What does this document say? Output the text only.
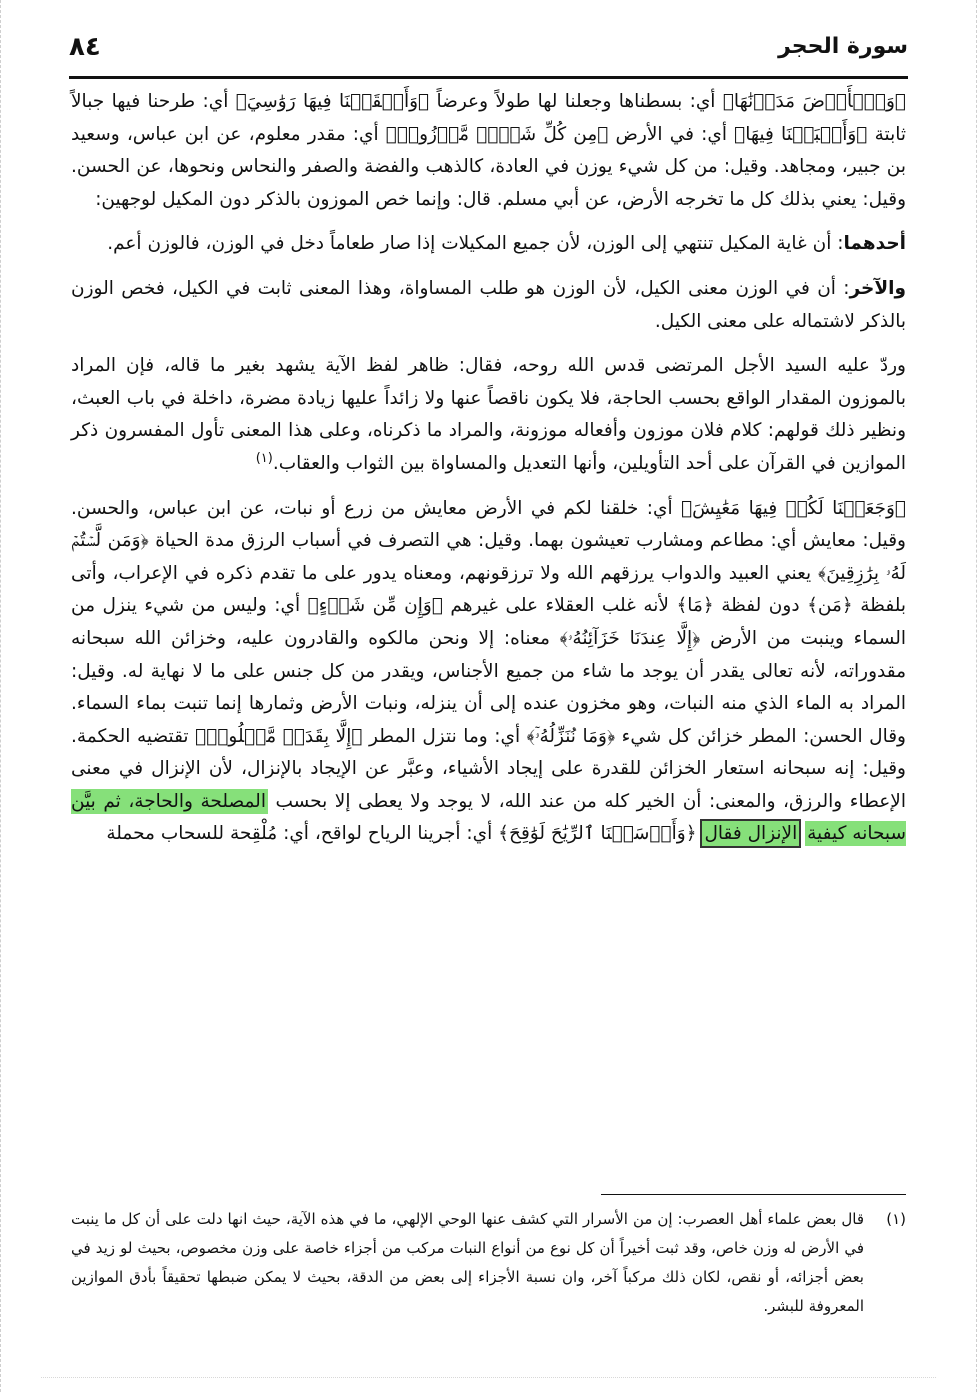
٨٤	سورة الحجر

﴿وَٱلۡأَرۡضَ مَدَدۡنَٰهَا﴾ أي: بسطناها وجعلنا لها طولاً وعرضاً ﴿وَأَلۡقَيۡنَا فِيهَا رَوَٰسِيَ﴾ أي: طرحنا فيها جبالاً ثابتة ﴿وَأَنۢبَتۡنَا فِيهَا﴾ أي: في الأرض ﴿مِن كُلِّ شَيۡءٖ مَّوۡزُونٖ﴾ أي: مقدر معلوم، عن ابن عباس، وسعيد بن جبير، ومجاهد. وقيل: من كل شيء يوزن في العادة، كالذهب والفضة والصفر والنحاس ونحوها، عن الحسن. وقيل: يعني بذلك كل ما تخرجه الأرض، عن أبي مسلم. قال: وإنما خص الموزون بالذكر دون المكيل لوجهين:

أحدهما: أن غاية المكيل تنتهي إلى الوزن، لأن جميع المكيلات إذا صار طعاماً دخل في الوزن، فالوزن أعم.

والآخر: أن في الوزن معنى الكيل، لأن الوزن هو طلب المساواة، وهذا المعنى ثابت في الكيل، فخص الوزن بالذكر لاشتماله على معنى الكيل.

وردّ عليه السيد الأجل المرتضى قدس الله روحه، فقال: ظاهر لفظ الآية يشهد بغير ما قاله، فإن المراد بالموزون المقدار الواقع بحسب الحاجة، فلا يكون ناقصاً عنها ولا زائداً عليها زيادة مضرة، داخلة في باب العبث، ونظير ذلك قولهم: كلام فلان موزون وأفعاله موزونة، والمراد ما ذكرناه، وعلى هذا المعنى تأول المفسرون ذكر الموازين في القرآن على أحد التأويلين، وأنها التعديل والمساواة بين الثواب والعقاب.$^{(١)}$

﴿وَجَعَلۡنَا لَكُمۡ فِيهَا مَعَٰيِشَ﴾ أي: خلقنا لكم في الأرض معايش من زرع أو نبات، عن ابن عباس، والحسن. وقيل: معايش أي: مطاعم ومشارب تعيشون بهما. وقيل: هي التصرف في أسباب الرزق مدة الحياة ﴿وَمَن لَّسۡتُمۡ لَهُۥ بِرَٰزِقِينَ﴾ يعني العبيد والدواب يرزقهم الله ولا ترزقونهم، ومعناه يدور على ما تقدم ذكره في الإعراب، وأتى بلفظة ﴿مَن﴾ دون لفظة ﴿مَا﴾ لأنه غلب العقلاء على غيرهم ﴿وَإِن مِّن شَيۡءٍ﴾ أي: وليس من شيء ينزل من السماء وينبت من الأرض ﴿إِلَّا عِندَنَا خَزَآئِنُهُۥ﴾ معناه: إلا ونحن مالكوه والقادرون عليه، وخزائن الله سبحانه مقدوراته، لأنه تعالى يقدر أن يوجد ما شاء من جميع الأجناس، ويقدر من كل جنس على ما لا نهاية له. وقيل: المراد به الماء الذي منه النبات، وهو مخزون عنده إلى أن ينزله، ونبات الأرض وثمارها إنما تنبت بماء السماء. وقال الحسن: المطر خزائن كل شيء ﴿وَمَا نُنَزِّلُهُۥٓ﴾ أي: وما نتزل المطر ﴿إِلَّا بِقَدَرٖ مَّعۡلُومٖ﴾ تقتضيه الحكمة. وقيل: إنه سبحانه استعار الخزائن للقدرة على إيجاد الأشياء، وعبَّر عن الإيجاد بالإنزال، لأن الإنزال في معنى الإعطاء والرزق، والمعنى: أن الخير كله من عند الله، لا يوجد ولا يعطى إلا بحسب المصلحة والحاجة، ثم بيَّن سبحانه كيفية الإنزال فقال ﴿وَأَرۡسَلۡنَا ٱلرِّيَٰحَ لَوَٰقِحَ﴾ أي: أجرينا الرياح لواقح، أي: مُلْقِحة للسحاب محملة

(١)
قال بعض علماء أهل العصرب: إن من الأسرار التي كشف عنها الوحي الإلهي، ما في هذه الآية، حيث انها دلت على أن كل ما ينبت في الأرض له وزن خاص، وقد ثبت أخيراً أن كل نوع من أنواع النبات مركب من أجزاء خاصة على وزن مخصوص، بحيث لو زيد في بعض أجزائه، أو نقص، لكان ذلك مركباً آخر، وان نسبة الأجزاء إلى بعض من الدقة، بحيث لا يمكن ضبطها تحقيقاً بأدق الموازين المعروفة للبشر.
